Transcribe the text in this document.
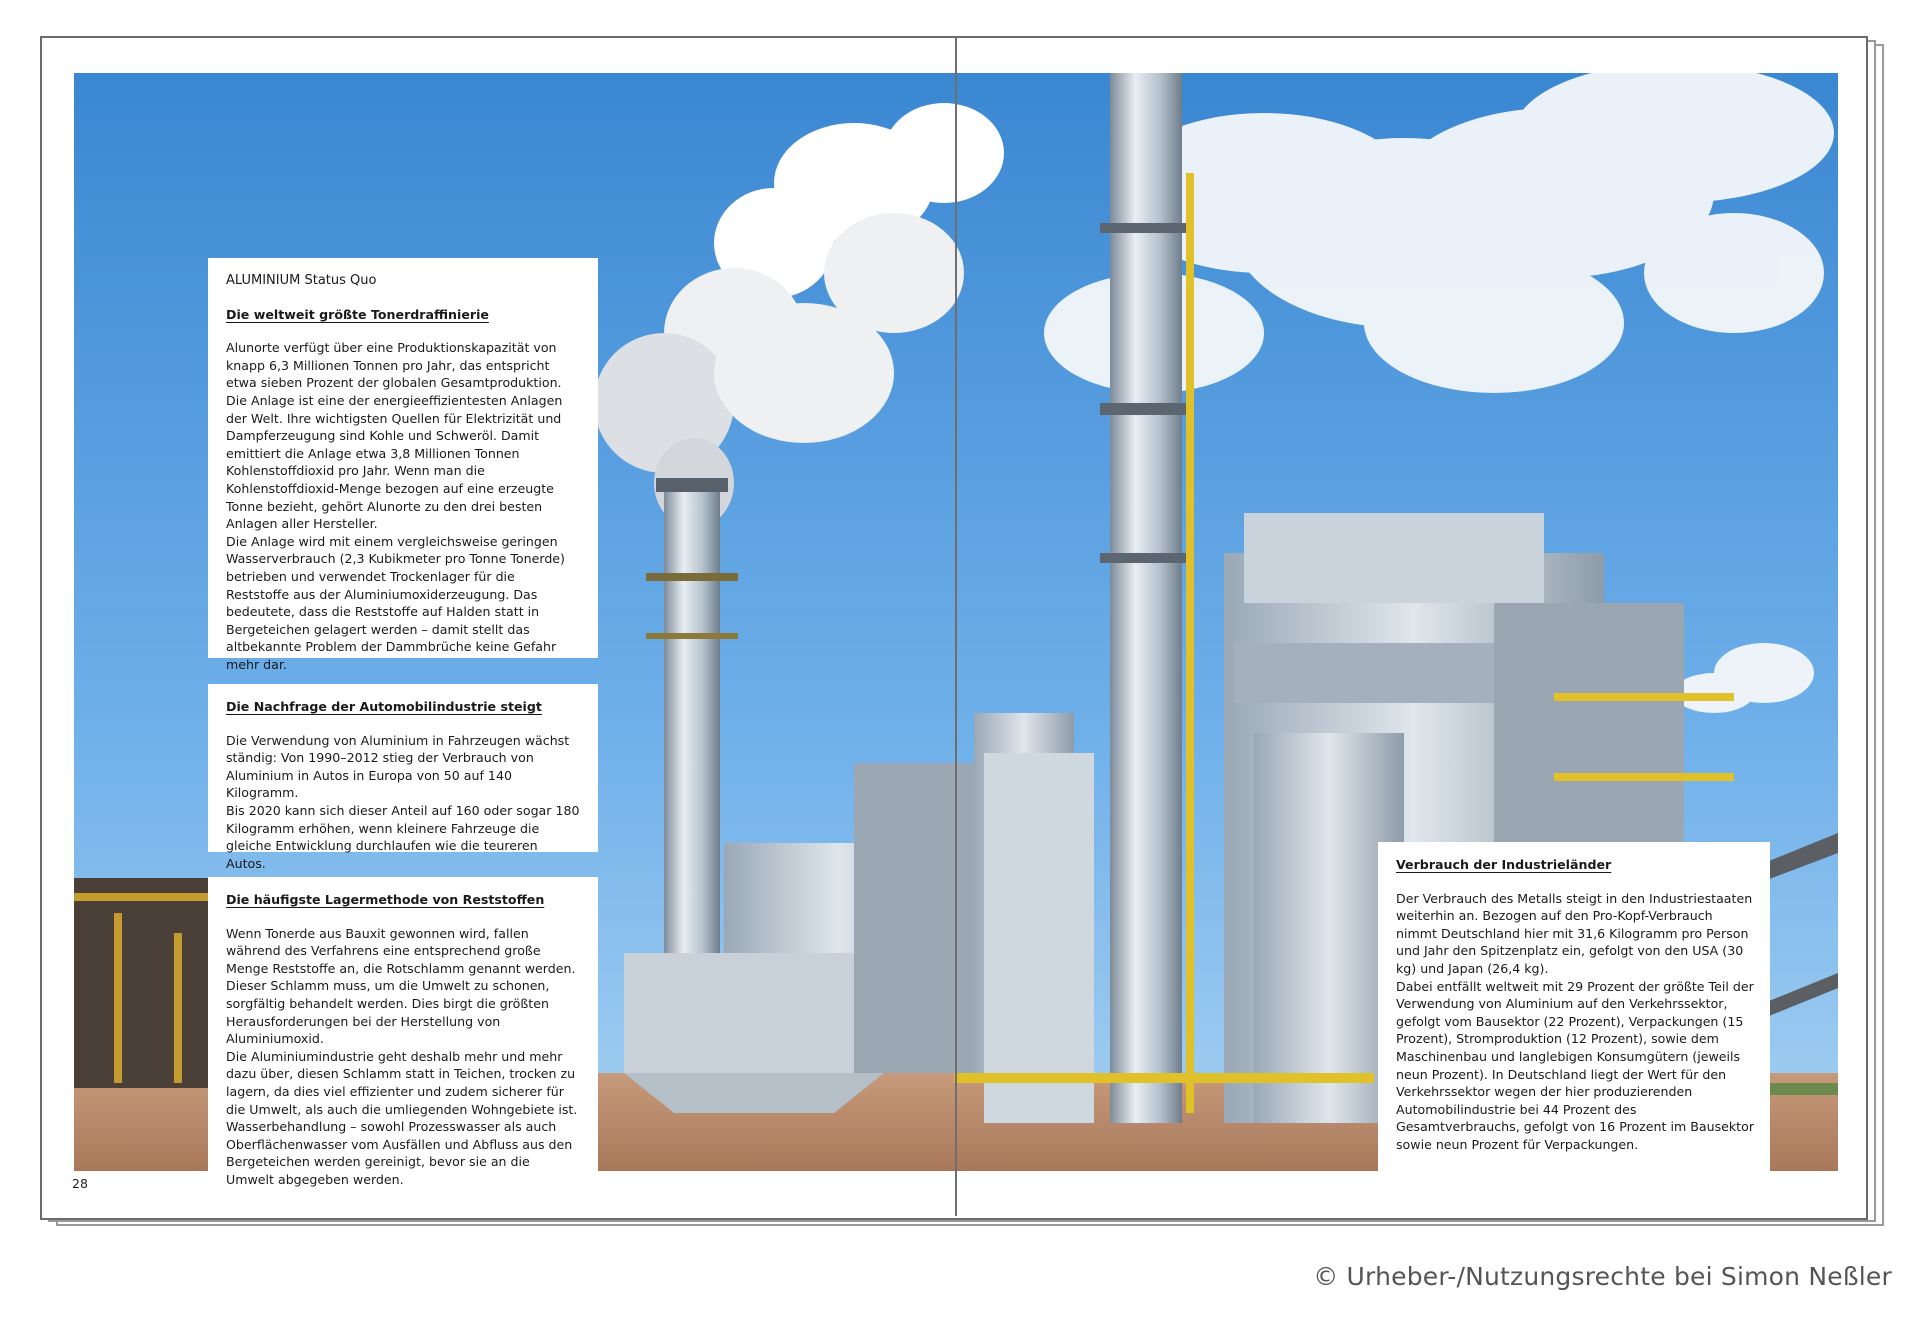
ALUMINIUM Status Quo
Die weltweit größte Tonerdraffinierie

Alunorte verfügt über eine Produktionskapazität von knapp 6,3 Millionen Tonnen pro Jahr, das entspricht etwa sieben Prozent der globalen Gesamtproduktion.
Die Anlage ist eine der energieeffizientesten Anlagen der Welt. Ihre wichtigsten Quellen für Elektrizität und Dampferzeugung sind Kohle und Schweröl. Damit emittiert die Anlage etwa 3,8 Millionen Tonnen Kohlenstoffdioxid pro Jahr. Wenn man die Kohlenstoffdioxid-Menge bezogen auf eine erzeugte Tonne bezieht, gehört Alunorte zu den drei besten Anlagen aller Hersteller.
Die Anlage wird mit einem vergleichsweise geringen Wasserverbrauch (2,3 Kubikmeter pro Tonne Tonerde) betrieben und verwendet Trockenlager für die Reststoffe aus der Aluminiumoxiderzeugung. Das bedeutete, dass die Reststoffe auf Halden statt in Bergeteichen gelagert werden – damit stellt das altbekannte Problem der Dammbrüche keine Gefahr mehr dar.

Die Nachfrage der Automobilindustrie steigt

Die Verwendung von Aluminium in Fahrzeugen wächst ständig: Von 1990–2012 stieg der Verbrauch von Aluminium in Autos in Europa von 50 auf 140 Kilogramm.
Bis 2020 kann sich dieser Anteil auf 160 oder sogar 180 Kilogramm erhöhen, wenn kleinere Fahrzeuge die gleiche Entwicklung durchlaufen wie die teureren Autos.

Die häufigste Lagermethode von Reststoffen

Wenn Tonerde aus Bauxit gewonnen wird, fallen während des Verfahrens eine entsprechend große Menge Reststoffe an, die Rotschlamm genannt werden. Dieser Schlamm muss, um die Umwelt zu schonen, sorgfältig behandelt werden. Dies birgt die größten Herausforderungen bei der Herstellung von Aluminiumoxid.
Die Aluminiumindustrie geht deshalb mehr und mehr dazu über, diesen Schlamm statt in Teichen, trocken zu lagern, da dies viel effizienter und zudem sicherer für die Umwelt, als auch die umliegenden Wohngebiete ist. Wasserbehandlung – sowohl Prozesswasser als auch Oberflächenwasser vom Ausfällen und Abfluss aus den Bergeteichen werden gereinigt, bevor sie an die Umwelt abgegeben werden.

Verbrauch der Industrieländer

Der Verbrauch des Metalls steigt in den Industriestaaten weiterhin an. Bezogen auf den Pro-Kopf-Verbrauch nimmt Deutschland hier mit 31,6 Kilogramm pro Person und Jahr den Spitzenplatz ein, gefolgt von den USA (30 kg) und Japan (26,4 kg).
Dabei entfällt weltweit mit 29 Prozent der größte Teil der Verwendung von Aluminium auf den Verkehrssektor, gefolgt vom Bausektor (22 Prozent), Verpackungen (15 Prozent), Stromproduktion (12 Prozent), sowie dem Maschinenbau und langlebigen Konsumgütern (jeweils neun Prozent). In Deutschland liegt der Wert für den Verkehrssektor wegen der hier produzierenden Automobilindustrie bei 44 Prozent des Gesamtverbrauchs, gefolgt von 16 Prozent im Bausektor sowie neun Prozent für Verpackungen.

28
© Urheber-/Nutzungsrechte bei Simon Neßler
